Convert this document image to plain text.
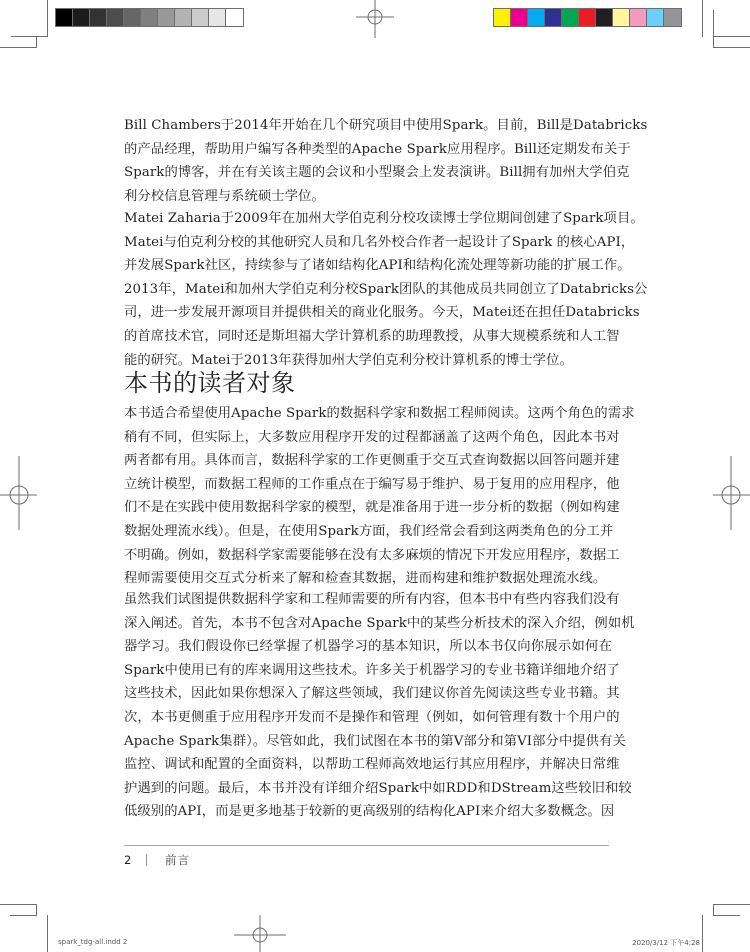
spark_tdg-all.indd 2	2020/3/12 下午4:28

Bill Chambers于2014年开始在几个研究项目中使用Spark。目前，Bill是Databricks
的产品经理，帮助用户编写各种类型的Apache Spark应用程序。Bill还定期发布关于
Spark的博客，并在有关该主题的会议和小型聚会上发表演讲。Bill拥有加州大学伯克
利分校信息管理与系统硕士学位。

Matei Zaharia于2009年在加州大学伯克利分校攻读博士学位期间创建了Spark项目。
Matei与伯克利分校的其他研究人员和几名外校合作者一起设计了Spark 的核心API，
并发展Spark社区，持续参与了诸如结构化API和结构化流处理等新功能的扩展工作。
2013年，Matei和加州大学伯克利分校Spark团队的其他成员共同创立了Databricks公
司，进一步发展开源项目并提供相关的商业化服务。今天，Matei还在担任Databricks
的首席技术官，同时还是斯坦福大学计算机系的助理教授，从事大规模系统和人工智
能的研究。Matei于2013年获得加州大学伯克利分校计算机系的博士学位。

本书的读者对象

本书适合希望使用Apache Spark的数据科学家和数据工程师阅读。这两个角色的需求
稍有不同，但实际上，大多数应用程序开发的过程都涵盖了这两个角色，因此本书对
两者都有用。具体而言，数据科学家的工作更侧重于交互式查询数据以回答问题并建
立统计模型，而数据工程师的工作重点在于编写易于维护、易于复用的应用程序，他
们不是在实践中使用数据科学家的模型，就是准备用于进一步分析的数据（例如构建
数据处理流水线）。但是，在使用Spark方面，我们经常会看到这两类角色的分工并
不明确。例如，数据科学家需要能够在没有太多麻烦的情况下开发应用程序，数据工
程师需要使用交互式分析来了解和检查其数据，进而构建和维护数据处理流水线。

虽然我们试图提供数据科学家和工程师需要的所有内容，但本书中有些内容我们没有
深入阐述。首先，本书不包含对Apache Spark中的某些分析技术的深入介绍，例如机
器学习。我们假设你已经掌握了机器学习的基本知识，所以本书仅向你展示如何在
Spark中使用已有的库来调用这些技术。许多关于机器学习的专业书籍详细地介绍了
这些技术，因此如果你想深入了解这些领域，我们建议你首先阅读这些专业书籍。其
次，本书更侧重于应用程序开发而不是操作和管理（例如，如何管理有数十个用户的
Apache Spark集群）。尽管如此，我们试图在本书的第V部分和第VI部分中提供有关
监控、调试和配置的全面资料，以帮助工程师高效地运行其应用程序，并解决日常维
护遇到的问题。最后，本书并没有详细介绍Spark中如RDD和DStream这些较旧和较
低级别的API，而是更多地基于较新的更高级别的结构化API来介绍大多数概念。因

2	前言
